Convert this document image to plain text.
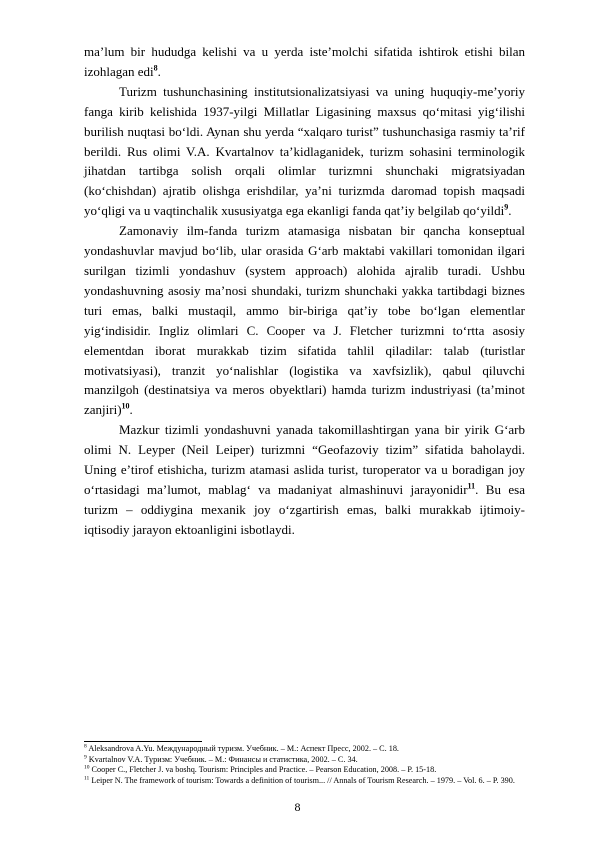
maʼlum bir hududga kelishi va u yerda isteʼmolchi sifatida ishtirok etishi bilan izohlagan edi$^8$.

Turizm tushunchasining institutsionalizatsiyasi va uning huquqiy-meʼyoriy fanga kirib kelishida 1937-yilgi Millatlar Ligasining maxsus qoʻmitasi yigʻilishi burilish nuqtasi boʻldi. Aynan shu yerda “xalqaro turist” tushunchasiga rasmiy taʼrif berildi. Rus olimi V.A. Kvartalnov taʼkidlaganidek, turizm sohasini terminologik jihatdan tartibga solish orqali olimlar turizmni shunchaki migratsiyadan (koʻchishdan) ajratib olishga erishdilar, yaʼni turizmda daromad topish maqsadi yoʻqligi va u vaqtinchalik xususiyatga ega ekanligi fanda qatʼiy belgilab qoʻyildi$^9$.

Zamonaviy ilm-fanda turizm atamasiga nisbatan bir qancha konseptual yondashuvlar mavjud boʻlib, ular orasida Gʻarb maktabi vakillari tomonidan ilgari surilgan tizimli yondashuv (system approach) alohida ajralib turadi. Ushbu yondashuvning asosiy maʼnosi shundaki, turizm shunchaki yakka tartibdagi biznes turi emas, balki mustaqil, ammo bir-biriga qatʼiy tobe boʻlgan elementlar yigʻindisidir. Ingliz olimlari C. Cooper va J. Fletcher turizmni toʻrtta asosiy elementdan iborat murakkab tizim sifatida tahlil qiladilar: talab (turistlar motivatsiyasi), tranzit yoʻnalishlar (logistika va xavfsizlik), qabul qiluvchi manzilgoh (destinatsiya va meros obyektlari) hamda turizm industriyasi (taʼminot zanjiri)$^{10}$.

Mazkur tizimli yondashuvni yanada takomillashtirgan yana bir yirik Gʻarb olimi N. Leyper (Neil Leiper) turizmni “Geofazoviy tizim” sifatida baholaydi. Uning eʼtirof etishicha, turizm atamasi aslida turist, turoperator va u boradigan joy oʻrtasidagi maʼlumot, mablagʻ va madaniyat almashinuvi jarayonidir$^{11}$. Bu esa turizm – oddiygina mexanik joy oʻzgartirish emas, balki murakkab ijtimoiy-iqtisodiy jarayon ektoanligini isbotlaydi.

$^8$ Aleksandrova A.Yu. Международный туризм. Учебник. – М.: Аспект Пресс, 2002. – С. 18.

$^9$ Kvartalnov V.A. Туризм: Учебник. – М.: Финансы и статистика, 2002. – С. 34.

$^{10}$ Cooper C., Fletcher J. va boshq. Tourism: Principles and Practice. – Pearson Education, 2008. – P. 15-18.

$^{11}$ Leiper N. The framework of tourism: Towards a definition of tourism... // Annals of Tourism Research. – 1979. – Vol. 6. – P. 390.

8
